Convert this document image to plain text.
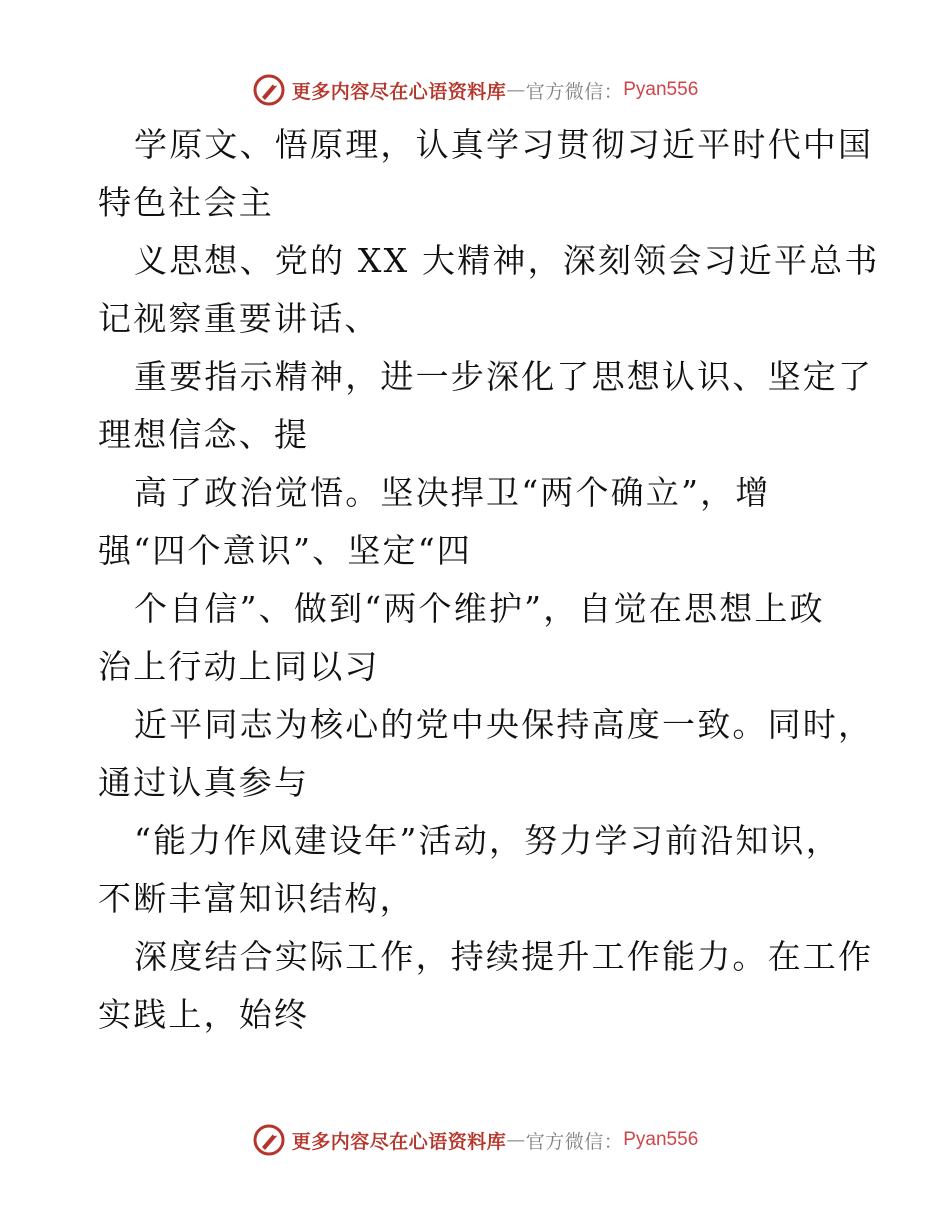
更多内容尽在心语资料库 — 官方微信： Pyan556
学原文、悟原理，认真学习贯彻习近平时代中国
特色社会主
义思想、党的 XX 大精神，深刻领会习近平总书
记视察重要讲话、
重要指示精神，进一步深化了思想认识、坚定了
理想信念、提
高了政治觉悟。坚决捍卫“两个确立”，增
强“四个意识”、坚定“四
个自信”、做到“两个维护”，自觉在思想上政
治上行动上同以习
近平同志为核心的党中央保持高度一致。同时，
通过认真参与
“能力作风建设年”活动，努力学习前沿知识，
不断丰富知识结构，
深度结合实际工作，持续提升工作能力。在工作
实践上，始终
更多内容尽在心语资料库 — 官方微信： Pyan556
